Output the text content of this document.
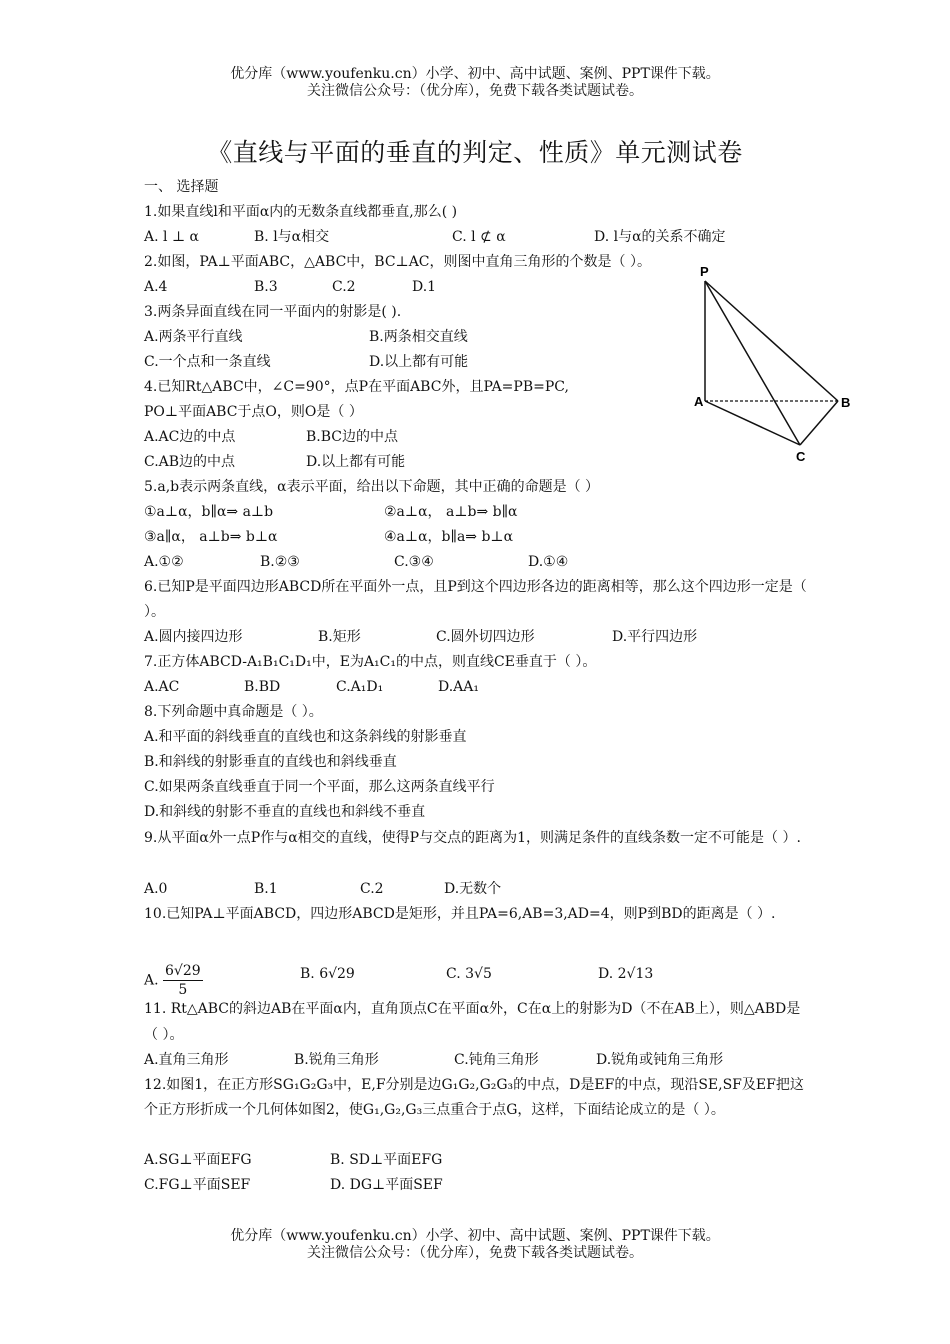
优分库（www.youfenku.cn）小学、初中、高中试题、案例、PPT课件下载。
关注微信公众号：（优分库），免费下载各类试题试卷。
《直线与平面的垂直的判定、性质》单元测试卷
一、 选择题
1.如果直线l和平面α内的无数条直线都垂直,那么( )
A. l ⊥ α	B. l与α相交	C. l ⊄ α	D. l与α的关系不确定
2.如图，PA⊥平面ABC，△ABC中，BC⊥AC，则图中直角三角形的个数是（ ）。
A.4	B.3	C.2	D.1
3.两条异面直线在同一平面内的射影是( ).
A.两条平行直线	B.两条相交直线
C.一个点和一条直线	D.以上都有可能
4.已知Rt△ABC中，∠C=90°，点P在平面ABC外，且PA=PB=PC,
PO⊥平面ABC于点O，则O是（ ）
A.AC边的中点	B.BC边的中点
C.AB边的中点	D.以上都有可能
5.a,b表示两条直线，α表示平面，给出以下命题，其中正确的命题是（ ）
①a⊥α，b∥α⇒ a⊥b	②a⊥α， a⊥b⇒ b∥α
③a∥α， a⊥b⇒ b⊥α	④a⊥α，b∥a⇒ b⊥α
A.①②	B.②③	C.③④	D.①④
6.已知P是平面四边形ABCD所在平面外一点，且P到这个四边形各边的距离相等，那么这个四边形一定是（ ）。
A.圆内接四边形	B.矩形	C.圆外切四边形	D.平行四边形
7.正方体ABCD-A₁B₁C₁D₁中，E为A₁C₁的中点，则直线CE垂直于（ ）。
A.AC	B.BD	C.A₁D₁	D.AA₁
8.下列命题中真命题是（ ）。
A.和平面的斜线垂直的直线也和这条斜线的射影垂直
B.和斜线的射影垂直的直线也和斜线垂直
C.如果两条直线垂直于同一个平面，那么这两条直线平行
D.和斜线的射影不垂直的直线也和斜线不垂直
9.从平面α外一点P作与α相交的直线，使得P与交点的距离为1，则满足条件的直线条数一定不可能是（ ）.
A.0	B.1	C.2	D.无数个
10.已知PA⊥平面ABCD，四边形ABCD是矩形，并且PA=6,AB=3,AD=4，则P到BD的距离是（ ）.
A. $\frac{6√29}{5}$	B. 6√29	C. 3√5	D. 2√13
11. Rt△ABC的斜边AB在平面α内，直角顶点C在平面α外，C在α上的射影为D（不在AB上），则△ABD是（ ）。
A.直角三角形	B.锐角三角形	C.钝角三角形	D.锐角或钝角三角形
12.如图1，在正方形SG₁G₂G₃中，E,F分别是边G₁G₂,G₂G₃的中点，D是EF的中点，现沿SE,SF及EF把这个正方形折成一个几何体如图2，使G₁,G₂,G₃三点重合于点G，这样，下面结论成立的是（ ）。
A.SG⊥平面EFG	B. SD⊥平面EFG
C.FG⊥平面SEF	D. DG⊥平面SEF
P
A	B
C
优分库（www.youfenku.cn）小学、初中、高中试题、案例、PPT课件下载。
关注微信公众号：（优分库），免费下载各类试题试卷。
